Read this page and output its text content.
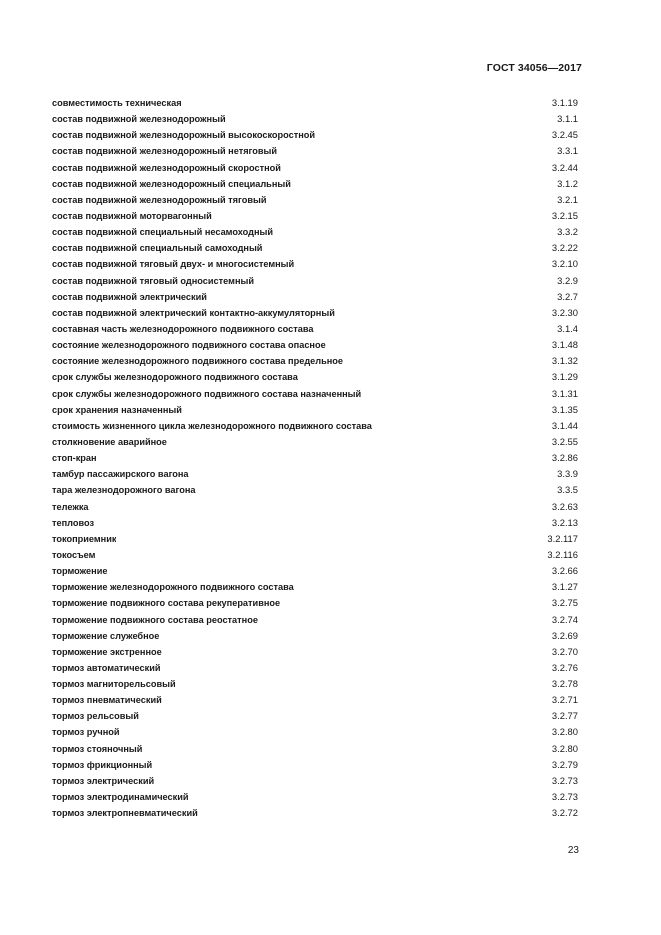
ГОСТ 34056—2017
совместимость техническая	3.1.19
состав подвижной железнодорожный	3.1.1
состав подвижной железнодорожный высокоскоростной	3.2.45
состав подвижной железнодорожный нетяговый	3.3.1
состав подвижной железнодорожный скоростной	3.2.44
состав подвижной железнодорожный специальный	3.1.2
состав подвижной железнодорожный тяговый	3.2.1
состав подвижной моторвагонный	3.2.15
состав подвижной специальный несамоходный	3.3.2
состав подвижной специальный самоходный	3.2.22
состав подвижной тяговый двух- и многосистемный	3.2.10
состав подвижной тяговый односистемный	3.2.9
состав подвижной электрический	3.2.7
состав подвижной электрический контактно-аккумуляторный	3.2.30
составная часть железнодорожного подвижного состава	3.1.4
состояние железнодорожного подвижного состава опасное	3.1.48
состояние железнодорожного подвижного состава предельное	3.1.32
срок службы железнодорожного подвижного состава	3.1.29
срок службы железнодорожного подвижного состава назначенный	3.1.31
срок хранения назначенный	3.1.35
стоимость жизненного цикла железнодорожного подвижного состава	3.1.44
столкновение аварийное	3.2.55
стоп-кран	3.2.86
тамбур пассажирского вагона	3.3.9
тара железнодорожного вагона	3.3.5
тележка	3.2.63
тепловоз	3.2.13
токоприемник	3.2.117
токосъем	3.2.116
торможение	3.2.66
торможение железнодорожного подвижного состава	3.1.27
торможение подвижного состава рекуперативное	3.2.75
торможение подвижного состава реостатное	3.2.74
торможение служебное	3.2.69
торможение экстренное	3.2.70
тормоз автоматический	3.2.76
тормоз магниторельсовый	3.2.78
тормоз пневматический	3.2.71
тормоз рельсовый	3.2.77
тормоз ручной	3.2.80
тормоз стояночный	3.2.80
тормоз фрикционный	3.2.79
тормоз электрический	3.2.73
тормоз электродинамический	3.2.73
тормоз электропневматический	3.2.72
23
